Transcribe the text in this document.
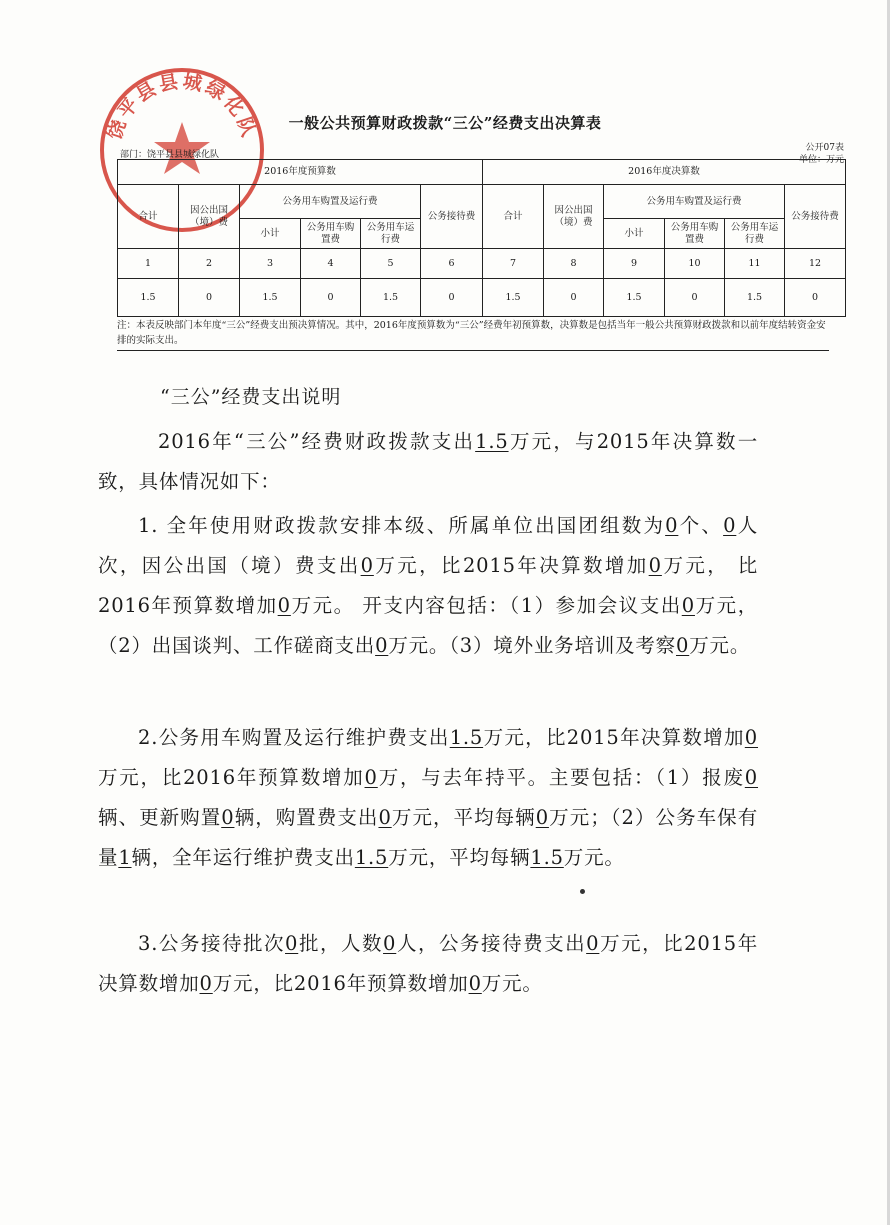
饶平县县城绿化队	一般公共预算财政拨款“三公”经费支出决算表
公开07表
单位：万元
部门：饶平县县城绿化队
2016年度预算数						2016年度决算数					
合计	因公出国（境）费	公务用车购置及运行费			公务接待费	合计	因公出国（境）费	公务用车购置及运行费			公务接待费
		小计	公务用车购置费	公务用车运行费				小计	公务用车购置费	公务用车运行费	
1	2	3	4	5	6	7	8	9	10	11	12
1.5	0	1.5	0	1.5	0	1.5	0	1.5	0	1.5	0
注：本表反映部门本年度“三公”经费支出预决算情况。其中，2016年度预算数为“三公”经费年初预算数，决算数是包括当年一般公共预算财政拨款和以前年度结转资金安排的实际支出。
“三公”经费支出说明
2016年“三公”经费财政拨款支出1.5万元，与2015年决算数一致，具体情况如下：
1. 全年使用财政拨款安排本级、所属单位出国团组数为0个、0人次，因公出国（境）费支出0万元，比2015年决算数增加0万元， 比2016年预算数增加0万元。 开支内容包括：（1）参加会议支出0万元，（2）出国谈判、工作磋商支出0万元。（3）境外业务培训及考察0万元。
2.公务用车购置及运行维护费支出1.5万元，比2015年决算数增加0万元，比2016年预算数增加0万，与去年持平。主要包括：（1）报废0辆、更新购置0辆，购置费支出0万元，平均每辆0万元；（2）公务车保有量1辆，全年运行维护费支出1.5万元，平均每辆1.5万元。
3.公务接待批次0批，人数0人，公务接待费支出0万元，比2015年决算数增加0万元，比2016年预算数增加0万元。
